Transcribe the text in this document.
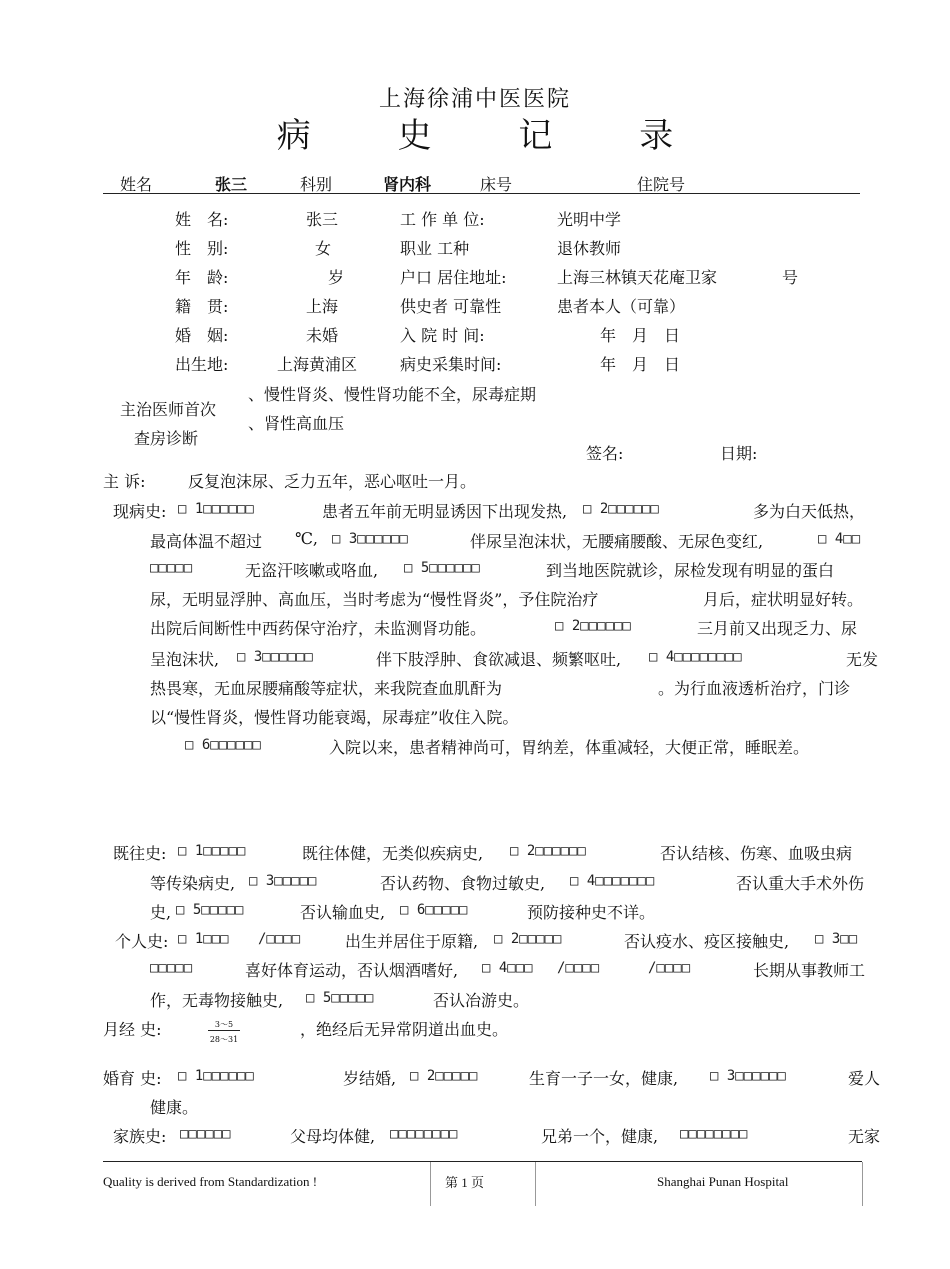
上海徐浦中医医院
病 史 记 录
姓名	张三	科别	肾内科	床号	住院号
姓　名:	张三	工 作 单 位:	光明中学
性　别:	女	职业 工种	退休教师
年　龄:	岁	户口 居住地址:	上海三林镇天花庵卫家	号
籍　贯:	上海	供史者 可靠性	患者本人（可靠）
婚　姻:	未婚	入 院 时 间:	年　月　日
出生地:	上海黄浦区	病史采集时间:	年　月　日
主治医师首次
查房诊断
、慢性肾炎、慢性肾功能不全，尿毒症期
、肾性高血压
签名:	日期:
主 诉:	反复泡沫尿、乏力五年，恶心呕吐一月。
现病史: □ 1□□□□□□	患者五年前无明显诱因下出现发热, □ 2□□□□□□	多为白天低热，
最高体温不超过 ℃, □ 3□□□□□□	伴尿呈泡沫状，无腰痛腰酸、无尿色变红,	□ 4□□
□□□□□	无盗汗咳嗽或咯血, □ 5□□□□□□	到当地医院就诊，尿检发现有明显的蛋白
尿，无明显浮肿、高血压，当时考虑为“慢性肾炎”，予住院治疗	月后，症状明显好转。
出院后间断性中西药保守治疗，未监测肾功能。	□ 2□□□□□□	三月前又出现乏力、尿
呈泡沫状, □ 3□□□□□□	伴下肢浮肿、食欲减退、频繁呕吐, □ 4□□□□□□□□	无发
热畏寒，无血尿腰痛酸等症状，来我院查血肌酐为	。为行血液透析治疗，门诊
以“慢性肾炎，慢性肾功能衰竭，尿毒症”收住入院。
□ 6□□□□□□	入院以来，患者精神尚可，胃纳差，体重减轻，大便正常，睡眠差。
既往史: □ 1□□□□□	既往体健，无类似疾病史, □ 2□□□□□□	否认结核、伤寒、血吸虫病
等传染病史, □ 3□□□□□	否认药物、食物过敏史, □ 4□□□□□□□	否认重大手术外伤
史, □ 5□□□□□	否认输血史, □ 6□□□□□	预防接种史不详。
个人史: □ 1□□□ /□□□□	出生并居住于原籍, □ 2□□□□□	否认疫水、疫区接触史, □ 3□□
□□□□□	喜好体育运动，否认烟酒嗜好, □ 4□□□ /□□□□	/□□□□	长期从事教师工
作，无毒物接触史, □ 5□□□□□	否认冶游史。
月经 史:	3～5
28～31
，绝经后无异常阴道出血史。
婚育 史: □ 1□□□□□□	岁结婚, □ 2□□□□□	生育一子一女，健康, □ 3□□□□□□	爱人
健康。
家族史: □□□□□□	父母均体健, □□□□□□□□	兄弟一个，健康, □□□□□□□□	无家
Quality is derived from Standardization !	第 1 页	Shanghai Punan Hospital
